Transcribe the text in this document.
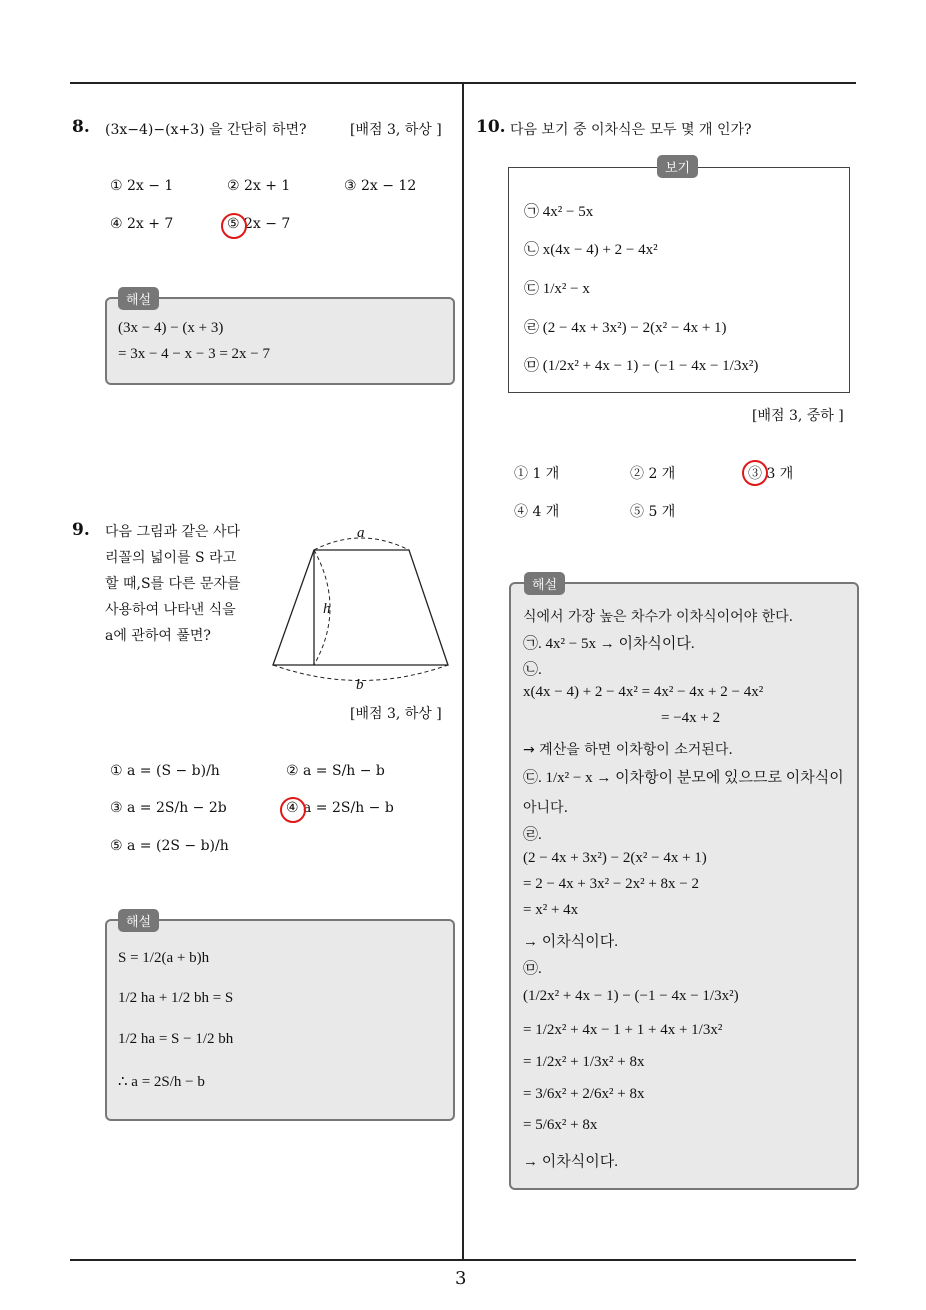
3
8. (3x−4)−(x+3) 을 간단히 하면?	[배점 3, 하상 ]
① 2x − 1	② 2x + 1	③ 2x − 12
④ 2x + 7	⑤ 2x − 7
해설
(3x − 4) − (x + 3)
= 3x − 4 − x − 3 = 2x − 7
9. 다음 그림과 같은 사다
리꼴의 넓이를 S 라고
할 때,S를 다른 문자를
사용하여 나타낸 식을
a에 관하여 풀면?
a
h
b
[배점 3, 하상 ]
① a = (S − b)/h	② a = S/h − b
③ a = 2S/h − 2b	④ a = 2S/h − b
⑤ a = (2S − b)/h
해설
S = 1/2(a + b)h
1/2 ha + 1/2 bh = S
1/2 ha = S − 1/2 bh
∴ a = 2S/h − b
10. 다음 보기 중 이차식은 모두 몇 개 인가?
보기
㉠ 4x² − 5x
㉡ x(4x − 4) + 2 − 4x²
㉢ 1/x² − x
㉣ (2 − 4x + 3x²) − 2(x² − 4x + 1)
㉤ (1/2x² + 4x − 1) − (−1 − 4x − 1/3x²)
[배점 3, 중하 ]
① 1 개	② 2 개	③ 3 개
④ 4 개	⑤ 5 개
해설
식에서 가장 높은 차수가 이차식이어야 한다.
㉠. 4x² − 5x → 이차식이다.
㉡.
x(4x − 4) + 2 − 4x² = 4x² − 4x + 2 − 4x²
= −4x + 2
→ 계산을 하면 이차항이 소거된다.
㉢. 1/x² − x → 이차항이 분모에 있으므로 이차식이
아니다.
㉣.
(2 − 4x + 3x²) − 2(x² − 4x + 1)
= 2 − 4x + 3x² − 2x² + 8x − 2
= x² + 4x
→ 이차식이다.
㉤.
(1/2x² + 4x − 1) − (−1 − 4x − 1/3x²)
= 1/2x² + 4x − 1 + 1 + 4x + 1/3x²
= 1/2x² + 1/3x² + 8x
= 3/6x² + 2/6x² + 8x
= 5/6x² + 8x
→ 이차식이다.
